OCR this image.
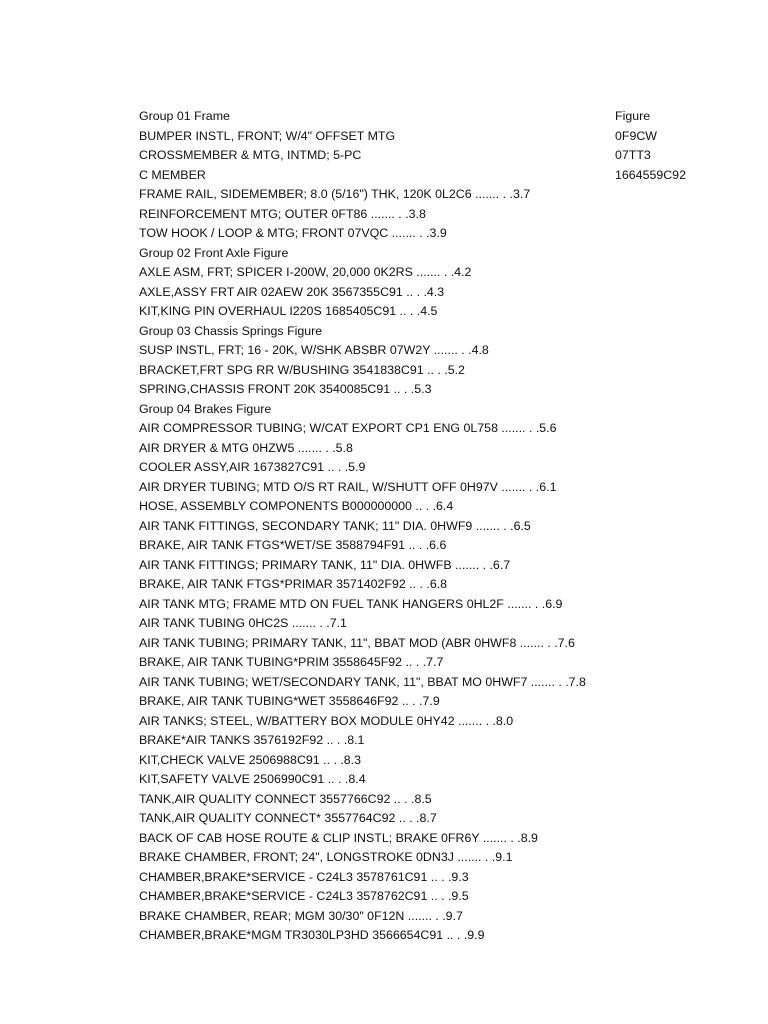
Group 01 Frame	Figure
BUMPER INSTL, FRONT; W/4" OFFSET MTG	0F9CW
CROSSMEMBER & MTG, INTMD; 5-PC	07TT3
C MEMBER	1664559C92
FRAME RAIL, SIDEMEMBER; 8.0 (5/16") THK, 120K 0L2C6 ....... . .3.7
REINFORCEMENT MTG; OUTER 0FT86 ....... . .3.8
TOW HOOK / LOOP & MTG; FRONT 07VQC ....... . .3.9
Group 02 Front Axle Figure
AXLE ASM, FRT; SPICER I-200W, 20,000 0K2RS ....... . .4.2
AXLE,ASSY FRT AIR 02AEW 20K 3567355C91 .. . .4.3
KIT,KING PIN OVERHAUL I220S 1685405C91 .. . .4.5
Group 03 Chassis Springs Figure
SUSP INSTL, FRT; 16 - 20K, W/SHK ABSBR 07W2Y ....... . .4.8
BRACKET,FRT SPG RR W/BUSHING 3541838C91 .. . .5.2
SPRING,CHASSIS FRONT 20K 3540085C91 .. . .5.3
Group 04 Brakes Figure
AIR COMPRESSOR TUBING; W/CAT EXPORT CP1 ENG 0L758 ....... . .5.6
AIR DRYER & MTG 0HZW5 ....... . .5.8
COOLER ASSY,AIR 1673827C91 .. . .5.9
AIR DRYER TUBING; MTD O/S RT RAIL, W/SHUTT OFF 0H97V ....... . .6.1
HOSE, ASSEMBLY COMPONENTS B000000000 .. . .6.4
AIR TANK FITTINGS, SECONDARY TANK; 11" DIA. 0HWF9 ....... . .6.5
BRAKE, AIR TANK FTGS*WET/SE 3588794F91 .. . .6.6
AIR TANK FITTINGS; PRIMARY TANK, 11" DIA. 0HWFB ....... . .6.7
BRAKE, AIR TANK FTGS*PRIMAR 3571402F92 .. . .6.8
AIR TANK MTG; FRAME MTD ON FUEL TANK HANGERS 0HL2F ....... . .6.9
AIR TANK TUBING 0HC2S ....... . .7.1
AIR TANK TUBING; PRIMARY TANK, 11", BBAT MOD (ABR 0HWF8 ....... . .7.6
BRAKE, AIR TANK TUBING*PRIM 3558645F92 .. . .7.7
AIR TANK TUBING; WET/SECONDARY TANK, 11", BBAT MO 0HWF7 ....... . .7.8
BRAKE, AIR TANK TUBING*WET 3558646F92 .. . .7.9
AIR TANKS; STEEL, W/BATTERY BOX MODULE 0HY42 ....... . .8.0
BRAKE*AIR TANKS 3576192F92 .. . .8.1
KIT,CHECK VALVE 2506988C91 .. . .8.3
KIT,SAFETY VALVE 2506990C91 .. . .8.4
TANK,AIR QUALITY CONNECT 3557766C92 .. . .8.5
TANK,AIR QUALITY CONNECT* 3557764C92 .. . .8.7
BACK OF CAB HOSE ROUTE & CLIP INSTL; BRAKE 0FR6Y ....... . .8.9
BRAKE CHAMBER, FRONT; 24", LONGSTROKE 0DN3J ....... . .9.1
CHAMBER,BRAKE*SERVICE - C24L3 3578761C91 .. . .9.3
CHAMBER,BRAKE*SERVICE - C24L3 3578762C91 .. . .9.5
BRAKE CHAMBER, REAR; MGM 30/30" 0F12N ....... . .9.7
CHAMBER,BRAKE*MGM TR3030LP3HD 3566654C91 .. . .9.9
